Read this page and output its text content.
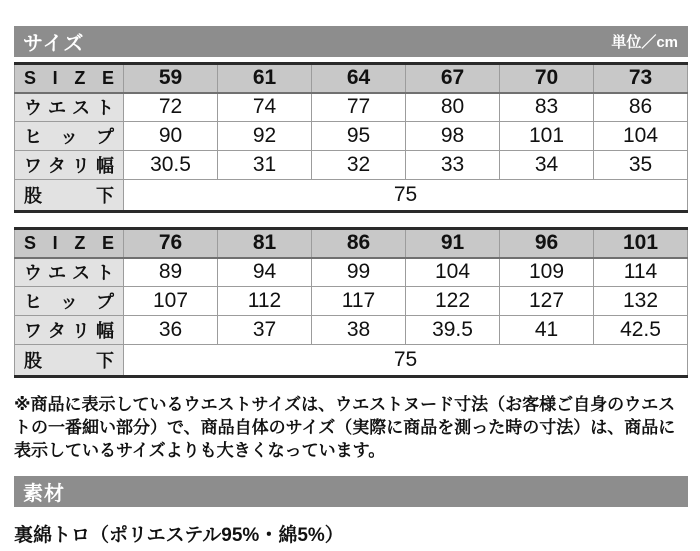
サイズ	単位／cm
S I Z E	59	61	64	67	70	73
ウエスト	72	74	77	80	83	86
ヒ ッ プ	90	92	95	98	101	104
ワタリ幅	30.5	31	32	33	34	35
股 下	75					
S I Z E	76	81	86	91	96	101
ウエスト	89	94	99	104	109	114
ヒ ッ プ	107	112	117	122	127	132
ワタリ幅	36	37	38	39.5	41	42.5
股 下	75					

※商品に表示しているウエストサイズは、ウエストヌード寸法（お客様ご自身のウエストの一番細い部分）で、商品自体のサイズ（実際に商品を測った時の寸法）は、商品に表示しているサイズよりも大きくなっています。

素材

裏綿トロ（ポリエステル95%・綿5%）
